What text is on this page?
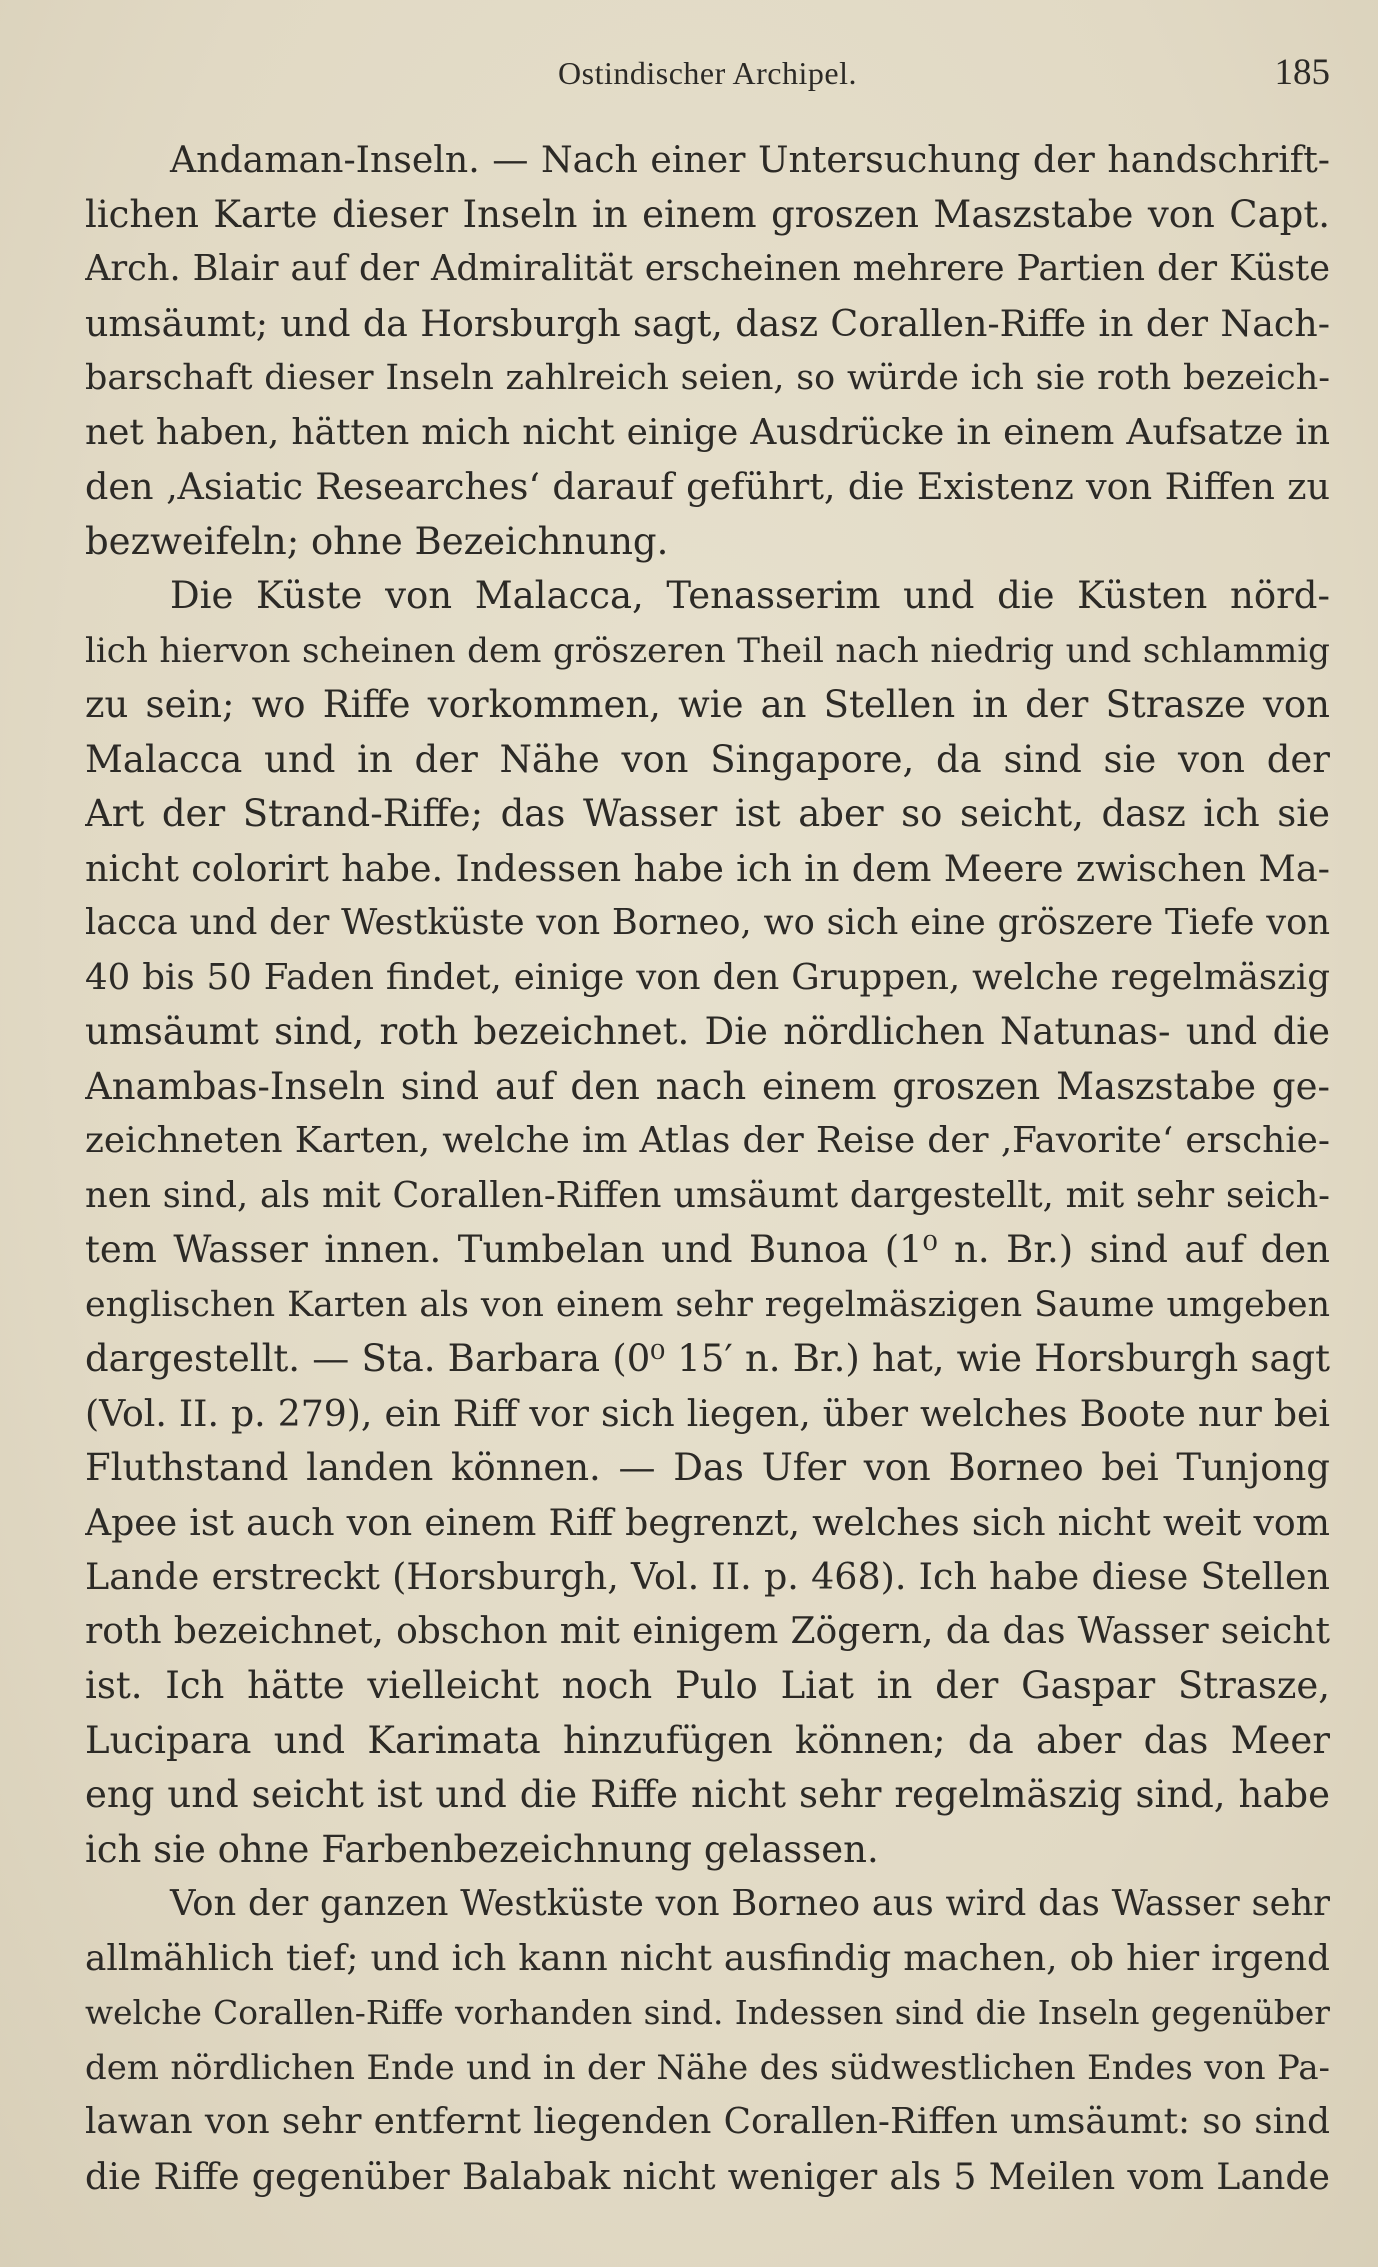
Ostindischer Archipel.	185
Andaman-Inseln. — Nach einer Untersuchung der handschrift-
lichen Karte dieser Inseln in einem groszen Maszstabe von Capt.
Arch. Blair auf der Admiralität erscheinen mehrere Partien der Küste
umsäumt; und da Horsburgh sagt, dasz Corallen-Riffe in der Nach-
barschaft dieser Inseln zahlreich seien, so würde ich sie roth bezeich-
net haben, hätten mich nicht einige Ausdrücke in einem Aufsatze in
den ‚Asiatic Researches‘ darauf geführt, die Existenz von Riffen zu
bezweifeln; ohne Bezeichnung.
Die Küste von Malacca, Tenasserim und die Küsten nörd-
lich hiervon scheinen dem gröszeren Theil nach niedrig und schlammig
zu sein; wo Riffe vorkommen, wie an Stellen in der Strasze von
Malacca und in der Nähe von Singapore, da sind sie von der
Art der Strand-Riffe; das Wasser ist aber so seicht, dasz ich sie
nicht colorirt habe. Indessen habe ich in dem Meere zwischen Ma-
lacca und der Westküste von Borneo, wo sich eine gröszere Tiefe von
40 bis 50 Faden findet, einige von den Gruppen, welche regelmäszig
umsäumt sind, roth bezeichnet. Die nördlichen Natunas- und die
Anambas-Inseln sind auf den nach einem groszen Maszstabe ge-
zeichneten Karten, welche im Atlas der Reise der ‚Favorite‘ erschie-
nen sind, als mit Corallen-Riffen umsäumt dargestellt, mit sehr seich-
tem Wasser innen. Tumbelan und Bunoa (1⁰ n. Br.) sind auf den
englischen Karten als von einem sehr regelmäszigen Saume umgeben
dargestellt. — Sta. Barbara (0⁰ 15′ n. Br.) hat, wie Horsburgh sagt
(Vol. II. p. 279), ein Riff vor sich liegen, über welches Boote nur bei
Fluthstand landen können. — Das Ufer von Borneo bei Tunjong
Apee ist auch von einem Riff begrenzt, welches sich nicht weit vom
Lande erstreckt (Horsburgh, Vol. II. p. 468). Ich habe diese Stellen
roth bezeichnet, obschon mit einigem Zögern, da das Wasser seicht
ist. Ich hätte vielleicht noch Pulo Liat in der Gaspar Strasze,
Lucipara und Karimata hinzufügen können; da aber das Meer
eng und seicht ist und die Riffe nicht sehr regelmäszig sind, habe
ich sie ohne Farbenbezeichnung gelassen.
Von der ganzen Westküste von Borneo aus wird das Wasser sehr
allmählich tief; und ich kann nicht ausfindig machen, ob hier irgend
welche Corallen-Riffe vorhanden sind. Indessen sind die Inseln gegenüber
dem nördlichen Ende und in der Nähe des südwestlichen Endes von Pa-
lawan von sehr entfernt liegenden Corallen-Riffen umsäumt: so sind
die Riffe gegenüber Balabak nicht weniger als 5 Meilen vom Lande
